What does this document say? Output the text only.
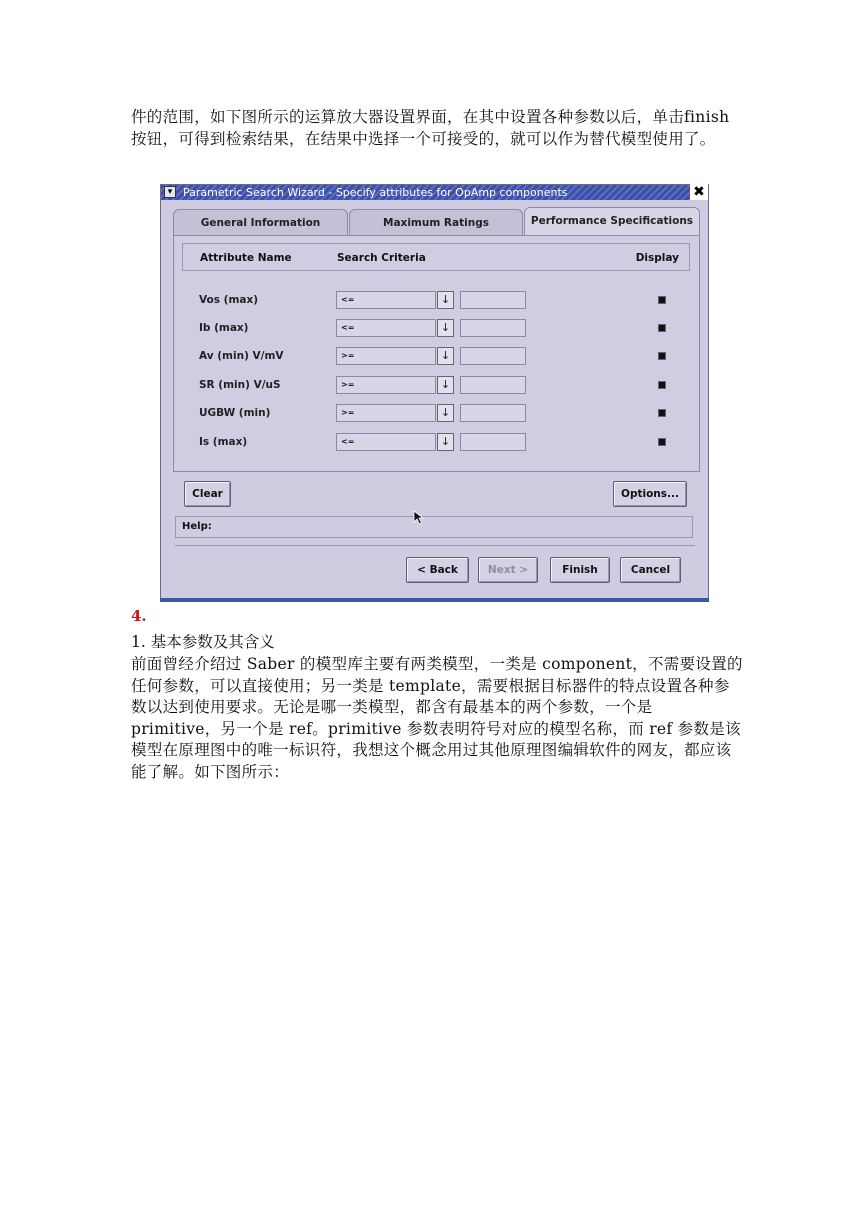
件的范围，如下图所示的运算放大器设置界面，在其中设置各种参数以后，单击finish 按钮，可得到检索结果，在结果中选择一个可接受的，就可以作为替代模型使用了。
▾ Parametric Search Wizard - Specify attributes for OpAmp components	✖
General Information	Maximum Ratings	Performance Specifications
Attribute Name	Search Criteria	Display
Vos (max)	<=	↓
Ib (max)	<=	↓
Av (min) V/mV	>=	↓
SR (min) V/uS	>=	↓
UGBW (min)	>=	↓
Is (max)	<=	↓
Clear	Options...
Help:
< Back	Next >	Finish	Cancel
4.
1. 基本参数及其含义
前面曾经介绍过 Saber 的模型库主要有两类模型，一类是 component，不需要设置的任何参数，可以直接使用；另一类是 template，需要根据目标器件的特点设置各种参数以达到使用要求。无论是哪一类模型，都含有最基本的两个参数，一个是 primitive，另一个是 ref。primitive 参数表明符号对应的模型名称，而 ref 参数是该模型在原理图中的唯一标识符，我想这个概念用过其他原理图编辑软件的网友，都应该能了解。如下图所示：
